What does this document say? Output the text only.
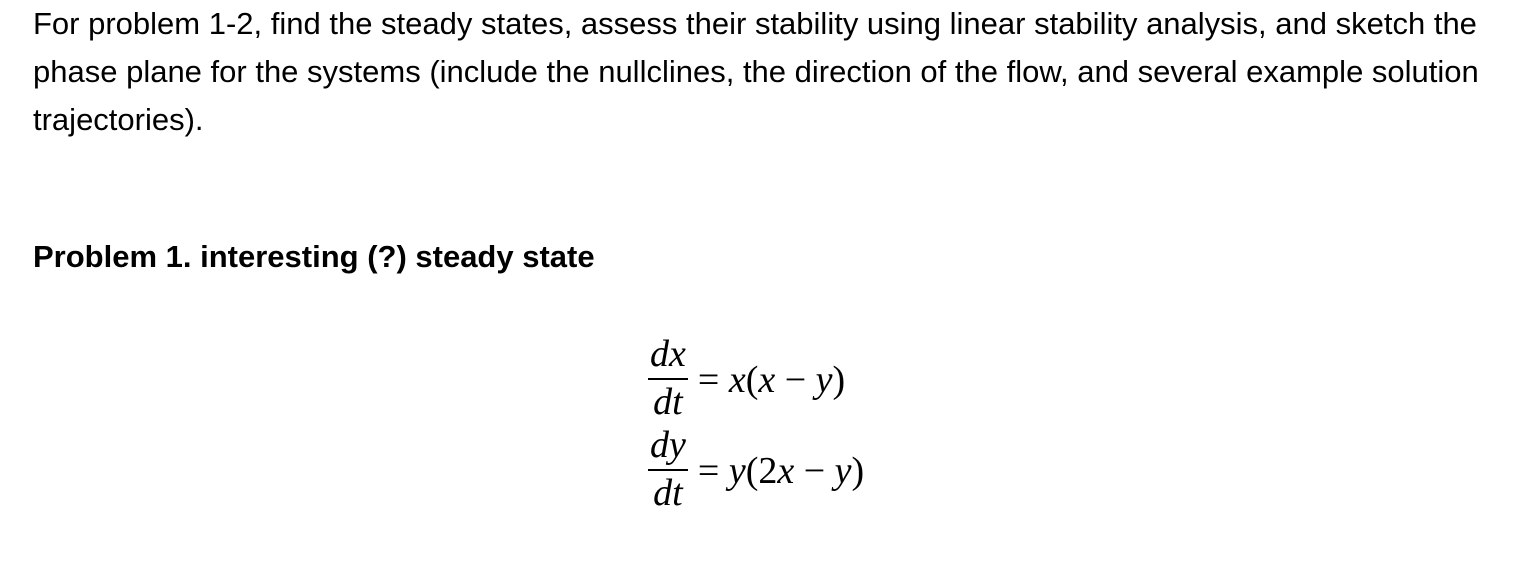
For problem 1-2, find the steady states, assess their stability using linear stability analysis, and sketch the phase plane for the systems (include the nullclines, the direction of the flow, and several example solution trajectories).

Problem 1. interesting (?) steady state
$\frac{dx}{dt} = x(x - y)$
$\frac{dy}{dt} = y(2x - y)$
